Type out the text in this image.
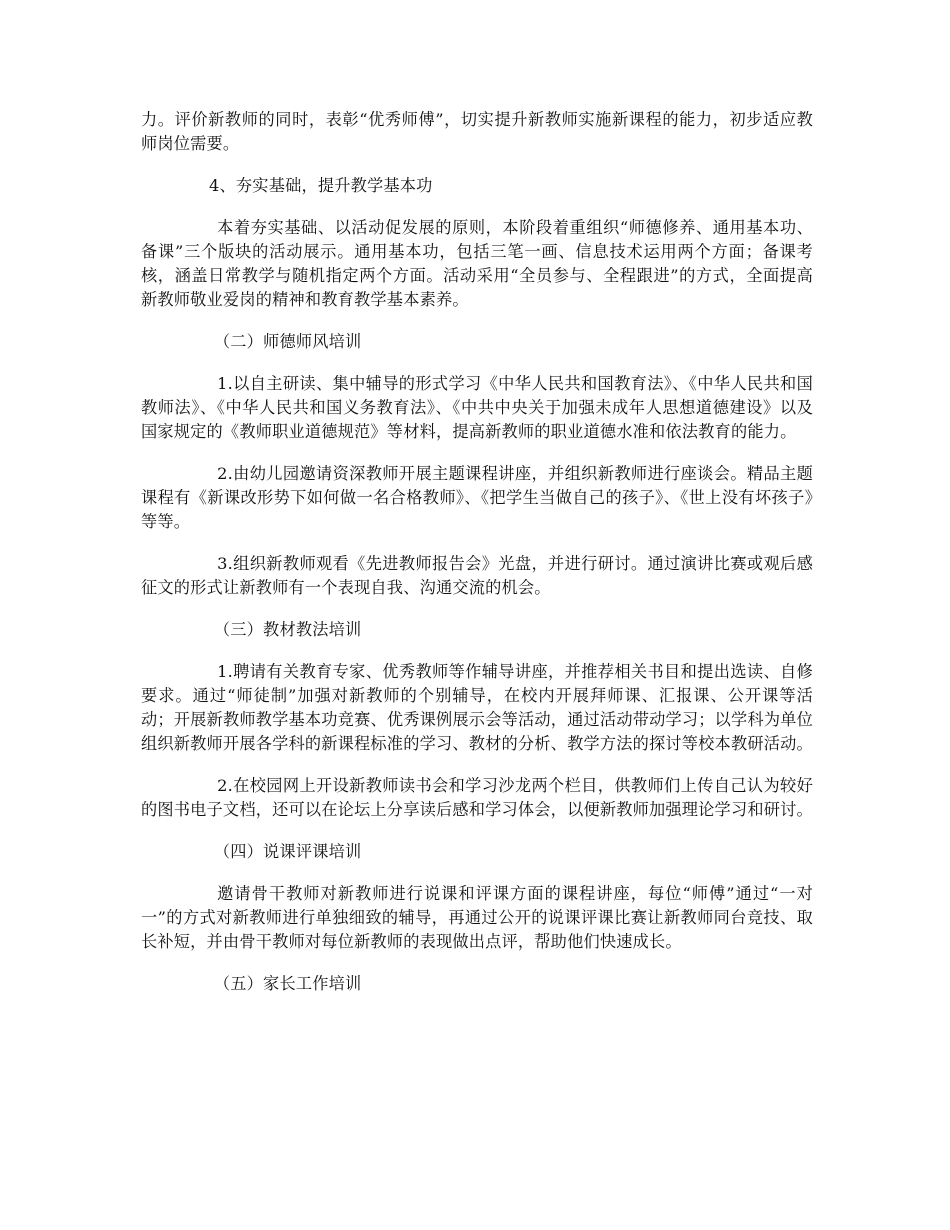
力。评价新教师的同时，表彰“优秀师傅”，切实提升新教师实施新课程的能力，初步适应教师岗位需要。

4、夯实基础，提升教学基本功

本着夯实基础、以活动促发展的原则，本阶段着重组织“师德修养、通用基本功、备课”三个版块的活动展示。通用基本功，包括三笔一画、信息技术运用两个方面；备课考核，涵盖日常教学与随机指定两个方面。活动采用“全员参与、全程跟进”的方式，全面提高新教师敬业爱岗的精神和教育教学基本素养。

（二）师德师风培训

1.以自主研读、集中辅导的形式学习《中华人民共和国教育法》、《中华人民共和国教师法》、《中华人民共和国义务教育法》、《中共中央关于加强未成年人思想道德建设》以及国家规定的《教师职业道德规范》等材料，提高新教师的职业道德水准和依法教育的能力。

2.由幼儿园邀请资深教师开展主题课程讲座，并组织新教师进行座谈会。精品主题课程有《新课改形势下如何做一名合格教师》、《把学生当做自己的孩子》、《世上没有坏孩子》等等。

3.组织新教师观看《先进教师报告会》光盘，并进行研讨。通过演讲比赛或观后感征文的形式让新教师有一个表现自我、沟通交流的机会。

（三）教材教法培训

1.聘请有关教育专家、优秀教师等作辅导讲座，并推荐相关书目和提出选读、自修要求。通过“师徒制”加强对新教师的个别辅导，在校内开展拜师课、汇报课、公开课等活动；开展新教师教学基本功竞赛、优秀课例展示会等活动，通过活动带动学习；以学科为单位组织新教师开展各学科的新课程标准的学习、教材的分析、教学方法的探讨等校本教研活动。

2.在校园网上开设新教师读书会和学习沙龙两个栏目，供教师们上传自己认为较好的图书电子文档，还可以在论坛上分享读后感和学习体会，以便新教师加强理论学习和研讨。

（四）说课评课培训

邀请骨干教师对新教师进行说课和评课方面的课程讲座，每位“师傅”通过“一对一”的方式对新教师进行单独细致的辅导，再通过公开的说课评课比赛让新教师同台竞技、取长补短，并由骨干教师对每位新教师的表现做出点评，帮助他们快速成长。

（五）家长工作培训
